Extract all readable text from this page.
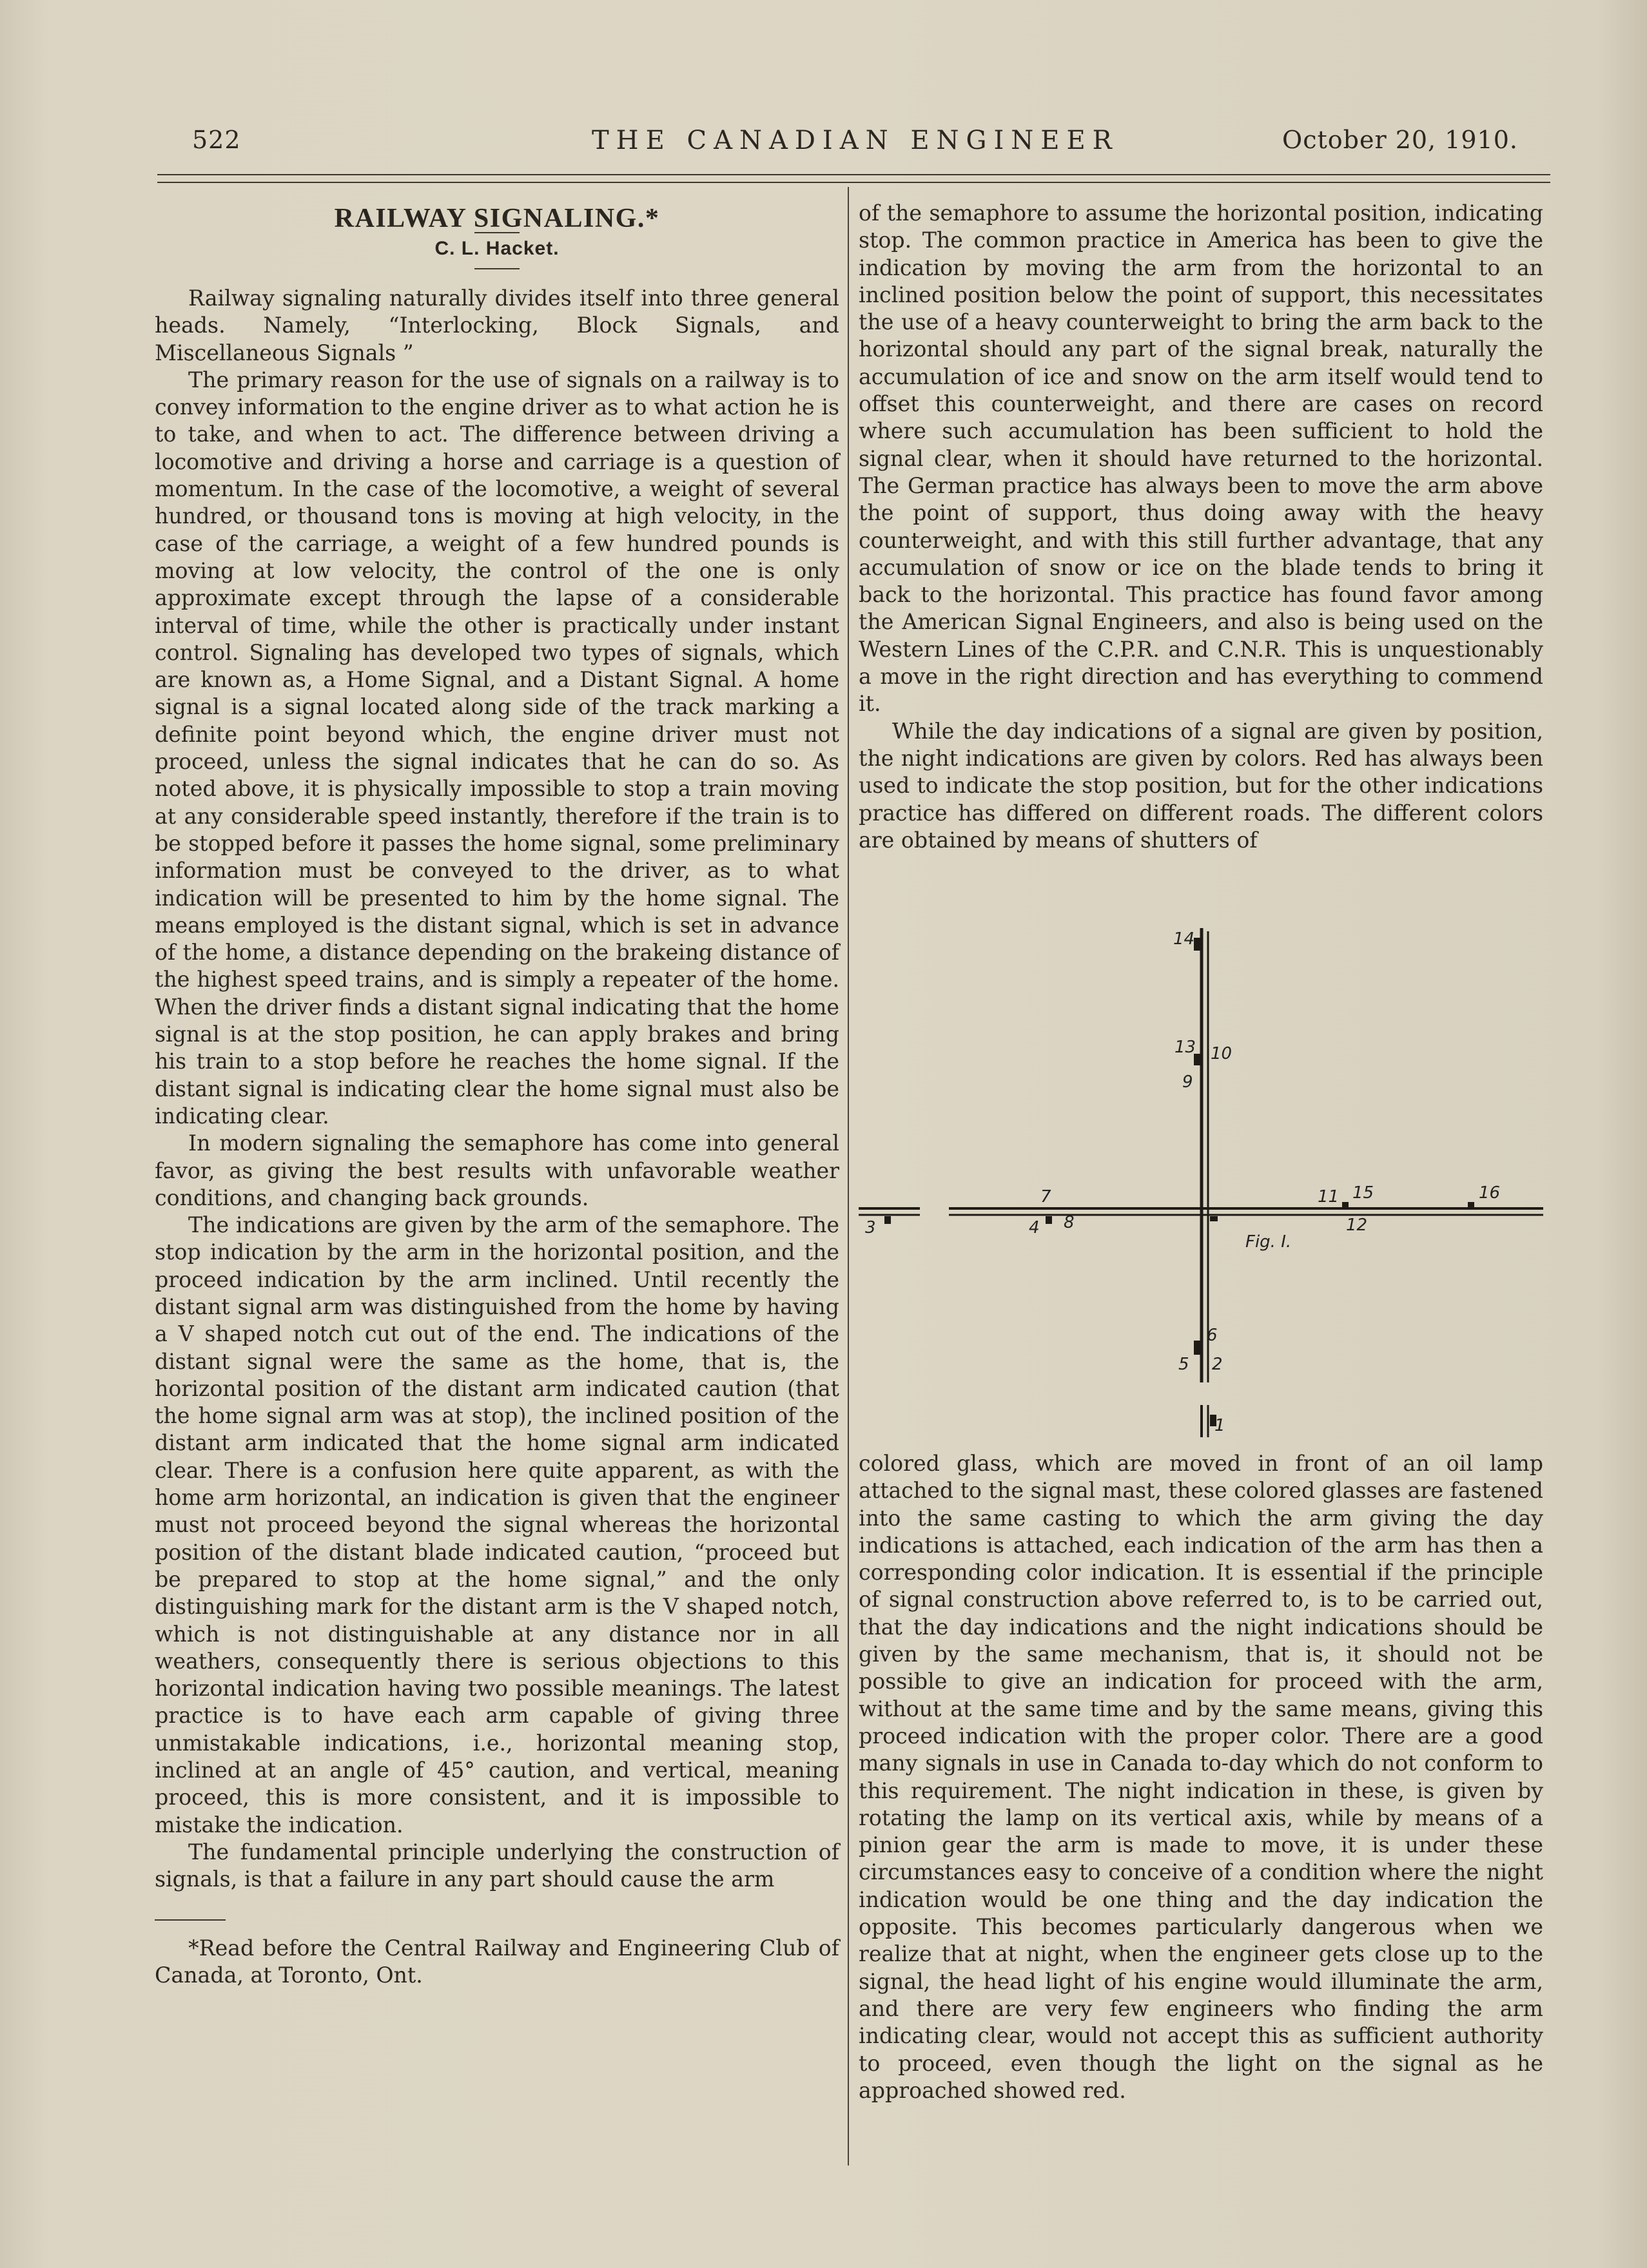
522	THE CANADIAN ENGINEER	October 20, 1910.
RAILWAY SIGNALING.*
C. L. Hacket.

Railway signaling naturally divides itself into three general heads. Namely, “Interlocking, Block Signals, and Miscellaneous Signals ”

The primary reason for the use of signals on a railway is to convey information to the engine driver as to what action he is to take, and when to act. The difference between driving a locomotive and driving a horse and carriage is a question of momentum. In the case of the locomotive, a weight of several hundred, or thousand tons is moving at high velocity, in the case of the carriage, a weight of a few hundred pounds is moving at low velocity, the control of the one is only approximate except through the lapse of a considerable interval of time, while the other is practically under instant control. Signaling has developed two types of signals, which are known as, a Home Signal, and a Distant Signal. A home signal is a signal located along side of the track marking a definite point beyond which, the engine driver must not proceed, unless the signal indicates that he can do so. As noted above, it is physically impossible to stop a train moving at any considerable speed instantly, therefore if the train is to be stopped before it passes the home signal, some preliminary information must be conveyed to the driver, as to what indication will be presented to him by the home signal. The means employed is the distant signal, which is set in advance of the home, a distance depending on the brakeing distance of the highest speed trains, and is simply a repeater of the home. When the driver finds a distant signal indicating that the home signal is at the stop position, he can apply brakes and bring his train to a stop before he reaches the home signal. If the distant signal is indicating clear the home signal must also be indicating clear.

In modern signaling the semaphore has come into general favor, as giving the best results with unfavorable weather conditions, and changing back grounds.

The indications are given by the arm of the semaphore. The stop indication by the arm in the horizontal position, and the proceed indication by the arm inclined. Until recently the distant signal arm was distinguished from the home by having a V shaped notch cut out of the end. The indications of the distant signal were the same as the home, that is, the horizontal position of the distant arm indicated caution (that the home signal arm was at stop), the inclined position of the distant arm indicated that the home signal arm indicated clear. There is a confusion here quite apparent, as with the home arm horizontal, an indication is given that the engineer must not proceed beyond the signal whereas the horizontal position of the distant blade indicated caution, “proceed but be prepared to stop at the home signal,” and the only distinguishing mark for the distant arm is the V shaped notch, which is not distinguishable at any distance nor in all weathers, consequently there is serious objections to this horizontal indication having two possible meanings. The latest practice is to have each arm capable of giving three unmistakable indications, i.e., horizontal meaning stop, inclined at an angle of 45° caution, and vertical, meaning proceed, this is more consistent, and it is impossible to mistake the indication.

The fundamental principle underlying the construction of signals, is that a failure in any part should cause the arm

*Read before the Central Railway and Engineering Club of Canada, at Toronto, Ont.

of the semaphore to assume the horizontal position, indicating stop. The common practice in America has been to give the indication by moving the arm from the horizontal to an inclined position below the point of support, this necessitates the use of a heavy counterweight to bring the arm back to the horizontal should any part of the signal break, naturally the accumulation of ice and snow on the arm itself would tend to offset this counterweight, and there are cases on record where such accumulation has been sufficient to hold the signal clear, when it should have returned to the horizontal. The German practice has always been to move the arm above the point of support, thus doing away with the heavy counterweight, and with this still further advantage, that any accumulation of snow or ice on the blade tends to bring it back to the horizontal. This practice has found favor among the American Signal Engineers, and also is being used on the Western Lines of the C.P.R. and C.N.R. This is unquestionably a move in the right direction and has everything to commend it.

While the day indications of a signal are given by position, the night indications are given by colors. Red has always been used to indicate the stop position, but for the other indications practice has differed on different roads. The different colors are obtained by means of shutters of

14
13 10
9
7
4 8
3
11 15
12
16
6
5 2
1
Fig. I.

colored glass, which are moved in front of an oil lamp attached to the signal mast, these colored glasses are fastened into the same casting to which the arm giving the day indications is attached, each indication of the arm has then a corresponding color indication. It is essential if the principle of signal construction above referred to, is to be carried out, that the day indications and the night indications should be given by the same mechanism, that is, it should not be possible to give an indication for proceed with the arm, without at the same time and by the same means, giving this proceed indication with the proper color. There are a good many signals in use in Canada to-day which do not conform to this requirement. The night indication in these, is given by rotating the lamp on its vertical axis, while by means of a pinion gear the arm is made to move, it is under these circumstances easy to conceive of a condition where the night indication would be one thing and the day indication the opposite. This becomes particularly dangerous when we realize that at night, when the engineer gets close up to the signal, the head light of his engine would illuminate the arm, and there are very few engineers who finding the arm indicating clear, would not accept this as sufficient authority to proceed, even though the light on the signal as he approached showed red.
